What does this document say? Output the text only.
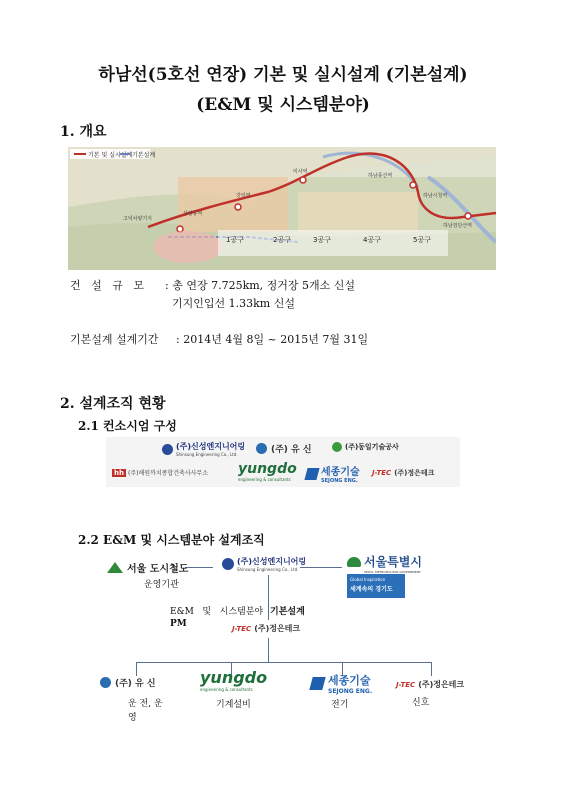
하남선(5호선 연장) 기본 및 실시설계 (기본설계)
(E&M 및 시스템분야)
1. 개요
기본 및 실시설계 기본설계
1공구	2공구	3공구	4공구	5공구
고덕차량기지
상일동역
강일역
미사역
하남풍산역
하남시청역
하남검단산역
건   설   규   모 : 총 연장 7.725km, 정거장 5개소 신설
기지인입선 1.33km 신설
기본설계 설계기간 : 2014년 4월 8일 ~ 2015년 7월 31일
2. 설계조직 현황
2.1 컨소시엄 구성
(주)신성엔지니어링
Shinsung Engineering Co., Ltd.	(주) 유 신	(주)동일기술공사
hh (주)해원까치종합건축사사무소 yungdo
engineering & consultants
세종기술
SEJONG ENG.
J-TEC (주)정은테크
2.2 E&M 및 시스템분야 설계조직
서울 도시철도
운영기관
(주)신성엔지니어링
Shinsung Engineering Co., Ltd.
서울특별시
SEOUL METROPOLITAN GOVERNMENT
Global Inspiration
세계속의 경기도
E&M   및   시스템분야 기본설계
PM	J-TEC (주)정은테크
(주) 유 신
운 전, 운
영
yungdo
engineering & consultants
기계설비
세종기술
SEJONG ENG.
전기
J-TEC (주)정은테크
신호
